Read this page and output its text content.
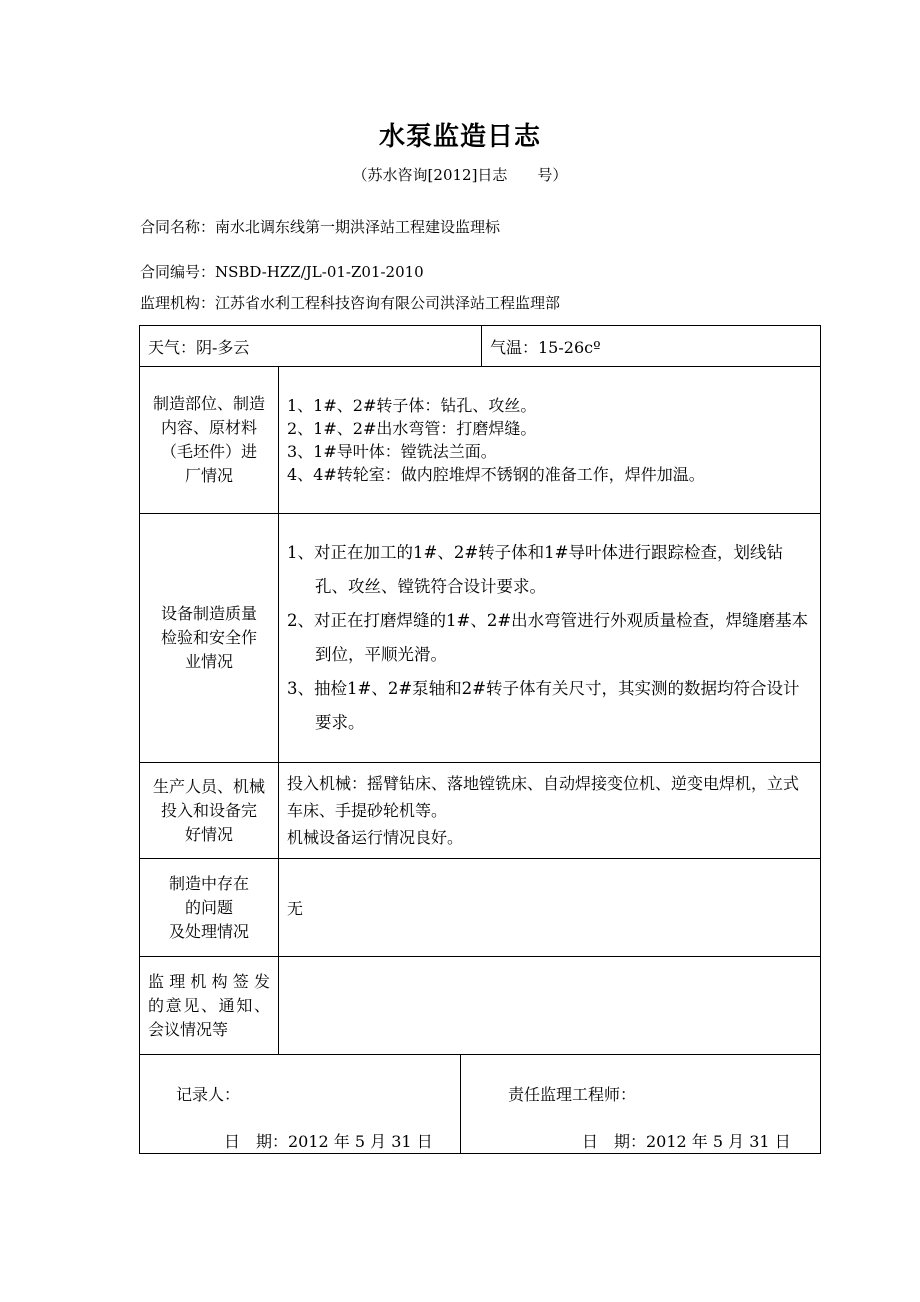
水泵监造日志
（苏水咨询[2012]日志　　号）
合同名称：南水北调东线第一期洪泽站工程建设监理标
合同编号：NSBD-HZZ/JL-01-Z01-2010
监理机构：江苏省水利工程科技咨询有限公司洪泽站工程监理部
天气：阴-多云	气温：15-26cº
制造部位、制造
内容、原材料
（毛坯件）进
厂情况
1、1#、2#转子体：钻孔、攻丝。
2、1#、2#出水弯管：打磨焊缝。
3、1#导叶体：镗铣法兰面。
4、4#转轮室：做内腔堆焊不锈钢的准备工作，焊件加温。
设备制造质量
检验和安全作
业情况
1、对正在加工的1#、2#转子体和1#导叶体进行跟踪检查，划线钻孔、攻丝、镗铣符合设计要求。
2、对正在打磨焊缝的1#、2#出水弯管进行外观质量检查，焊缝磨基本到位，平顺光滑。
3、抽检1#、2#泵轴和2#转子体有关尺寸，其实测的数据均符合设计要求。
生产人员、机械
投入和设备完
好情况
投入机械：摇臂钻床、落地镗铣床、自动焊接变位机、逆变电焊机，立式车床、手提砂轮机等。
机械设备运行情况良好。
制造中存在
的问题
及处理情况
无
监理机构签发
的意见、通知、
会议情况等
记录人：
日　期：2012 年 5 月 31 日
责任监理工程师：
日　期：2012 年 5 月 31 日
